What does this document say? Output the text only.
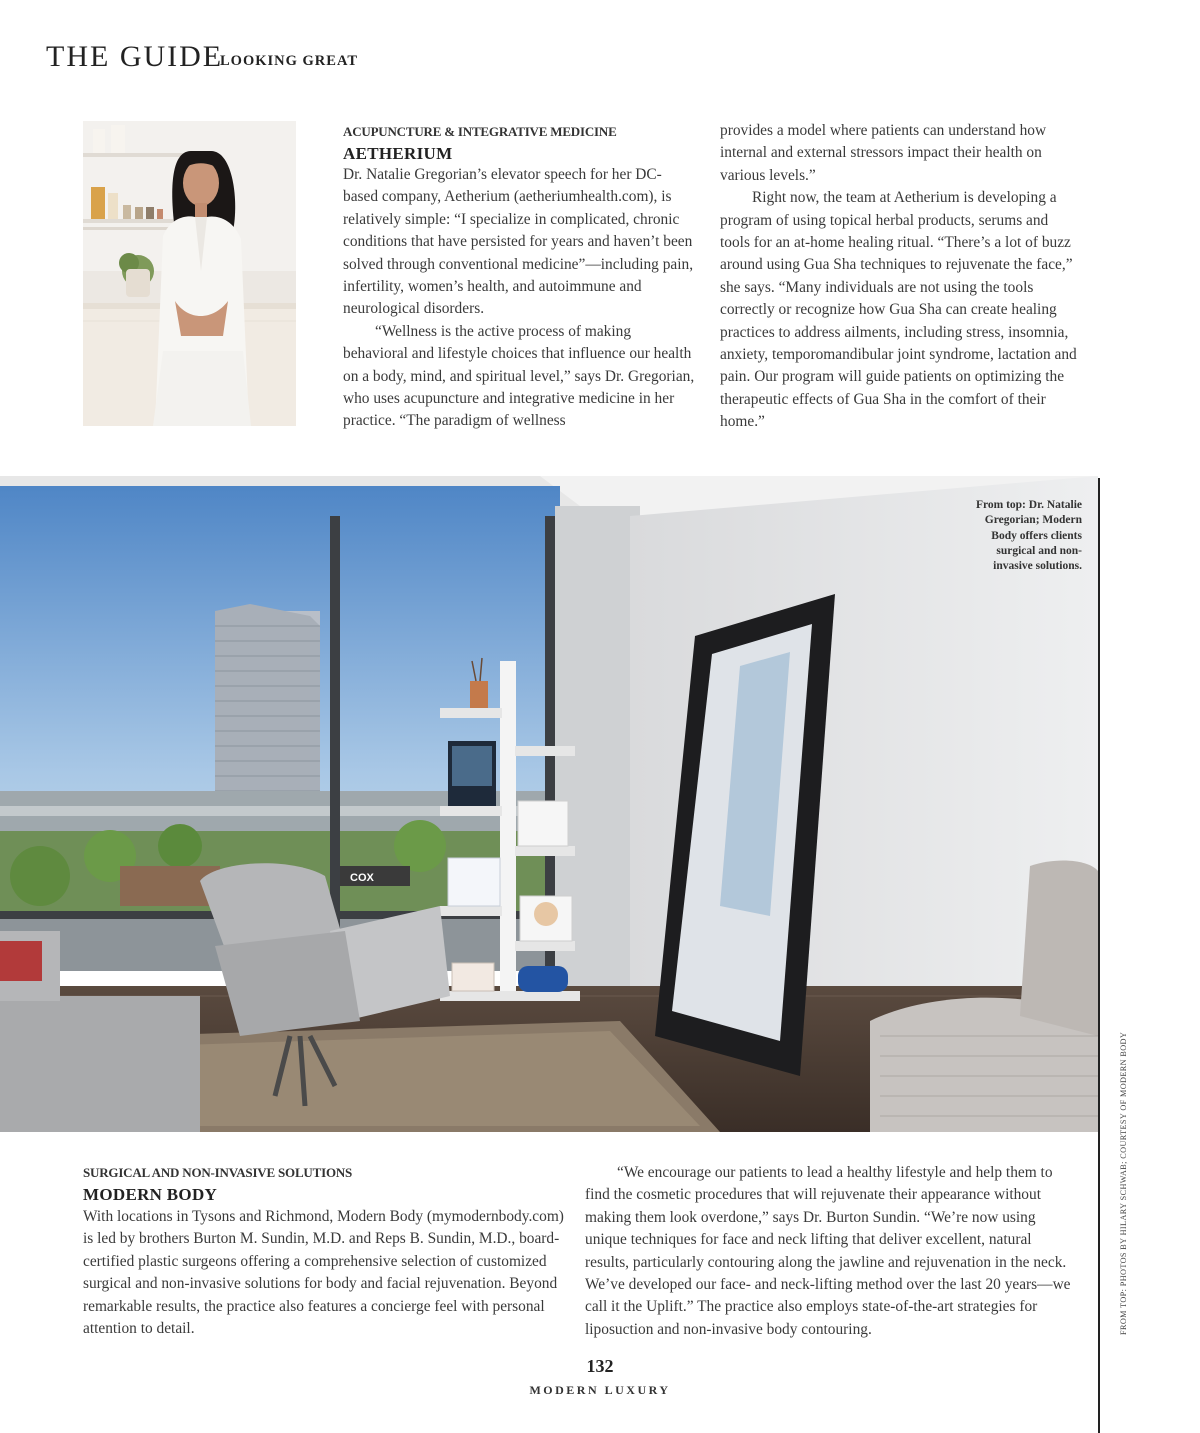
THE GUIDE
LOOKING GREAT
ACUPUNCTURE & INTEGRATIVE MEDICINE
AETHERIUM

Dr. Natalie Gregorian’s elevator speech for her DC-based company, Aetherium (aetheriumhealth.com), is relatively simple: “I specialize in complicated, chronic conditions that have persisted for years and haven’t been solved through conventional medicine”—including pain, infertility, women’s health, and autoimmune and neurological disorders.

“Wellness is the active process of making behavioral and lifestyle choices that influence our health on a body, mind, and spiritual level,” says Dr. Gregorian, who uses acupuncture and integrative medicine in her practice. “The paradigm of wellness

provides a model where patients can understand how internal and external stressors impact their health on various levels.”

Right now, the team at Aetherium is developing a program of using topical herbal products, serums and tools for an at-home healing ritual. “There’s a lot of buzz around using Gua Sha techniques to rejuvenate the face,” she says. “Many individuals are not using the tools correctly or recognize how Gua Sha can create healing practices to address ailments, including stress, insomnia, anxiety, temporomandibular joint syndrome, lactation and pain. Our program will guide patients on optimizing the therapeutic effects of Gua Sha in the comfort of their home.”

COX
From top: Dr. Natalie Gregorian; Modern Body offers clients surgical and non-invasive solutions.
FROM TOP: PHOTOS BY HILARY SCHWAB; COURTESY OF MODERN BODY
SURGICAL AND NON-INVASIVE SOLUTIONS
MODERN BODY

With locations in Tysons and Richmond, Modern Body (mymodernbody.com) is led by brothers Burton M. Sundin, M.D. and Reps B. Sundin, M.D., board-certified plastic surgeons offering a comprehensive selection of customized surgical and non-invasive solutions for body and facial rejuvenation. Beyond remarkable results, the practice also features a concierge feel with personal attention to detail.

“We encourage our patients to lead a healthy lifestyle and help them to find the cosmetic procedures that will rejuvenate their appearance without making them look overdone,” says Dr. Burton Sundin. “We’re now using unique techniques for face and neck lifting that deliver excellent, natural results, particularly contouring along the jawline and rejuvenation in the neck. We’ve developed our face- and neck-lifting method over the last 20 years—we call it the Uplift.” The practice also employs state-of-the-art strategies for liposuction and non-invasive body contouring.

132
MODERN LUXURY
